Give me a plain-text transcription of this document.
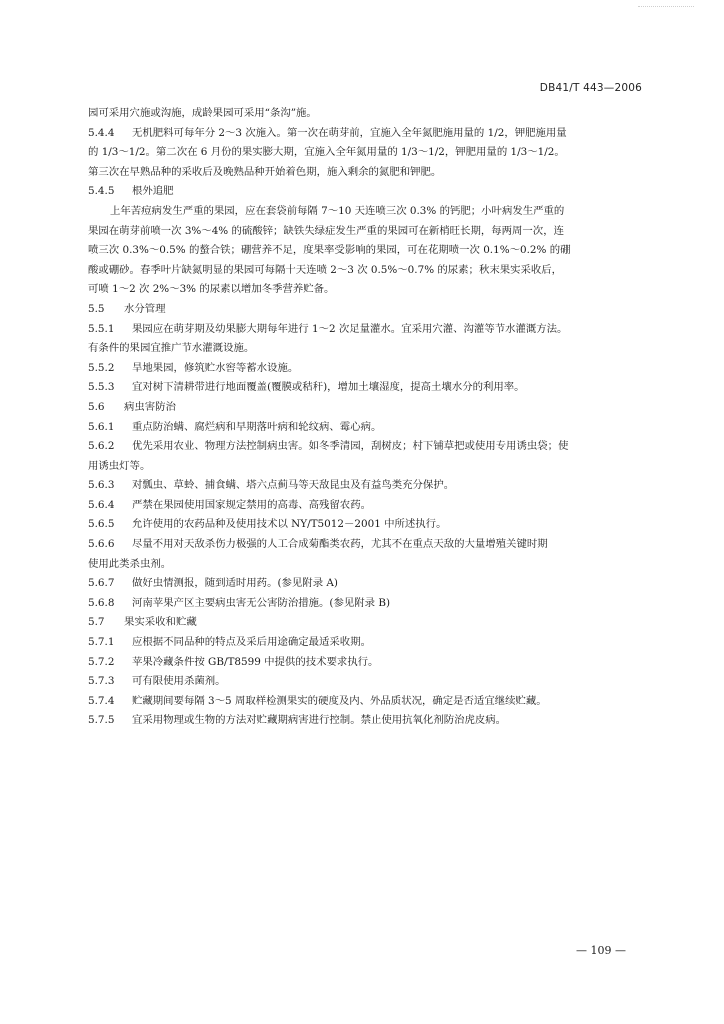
DB41/T 443—2006
园可采用穴施或沟施，成龄果园可采用“条沟”施。
5.4.4 无机肥料可每年分 2～3 次施入。第一次在萌芽前，宜施入全年氮肥施用量的 1/2，钾肥施用量
的 1/3～1/2。第二次在 6 月份的果实膨大期，宜施入全年氮用量的 1/3～1/2，钾肥用量的 1/3～1/2。
第三次在早熟品种的采收后及晚熟品种开始着色期，施入剩余的氮肥和钾肥。
5.4.5 根外追肥
上年苦痘病发生严重的果园，应在套袋前每隔 7～10 天连喷三次 0.3% 的钙肥；小叶病发生严重的
果园在萌芽前喷一次 3%～4% 的硫酸锌；缺铁失绿症发生严重的果园可在新梢旺长期，每两周一次，连
喷三次 0.3%～0.5% 的螯合铁；硼营养不足，度果率受影响的果园，可在花期喷一次 0.1%～0.2% 的硼
酸或硼砂。春季叶片缺氮明显的果园可每隔十天连喷 2～3 次 0.5%～0.7% 的尿素；秋末果实采收后，
可喷 1～2 次 2%～3% 的尿素以增加冬季营养贮备。
5.5 水分管理
5.5.1 果园应在萌芽期及幼果膨大期每年进行 1～2 次足量灌水。宜采用穴灌、沟灌等节水灌溉方法。
有条件的果园宜推广节水灌溉设施。
5.5.2 旱地果园，修筑贮水窖等蓄水设施。
5.5.3 宜对树下清耕带进行地面覆盖(覆膜或秸秆)，增加土壤湿度，提高土壤水分的利用率。
5.6 病虫害防治
5.6.1 重点防治螨、腐烂病和早期落叶病和轮纹病、霉心病。
5.6.2 优先采用农业、物理方法控制病虫害。如冬季清园，刮树皮；村下铺草把或使用专用诱虫袋；使
用诱虫灯等。
5.6.3 对瓢虫、草蛉、捕食螨、塔六点蓟马等天敌昆虫及有益鸟类充分保护。
5.6.4 严禁在果园使用国家规定禁用的高毒、高残留农药。
5.6.5 允许使用的农药品种及使用技术以 NY/T5012－2001 中所述执行。
5.6.6 尽量不用对天敌杀伤力极强的人工合成菊酯类农药，尤其不在重点天敌的大量增殖关键时期
使用此类杀虫剂。
5.6.7 做好虫情测报，随到适时用药。(参见附录 A)
5.6.8 河南苹果产区主要病虫害无公害防治措施。(参见附录 B)
5.7 果实采收和贮藏
5.7.1 应根据不同品种的特点及采后用途确定最适采收期。
5.7.2 苹果冷藏条件按 GB/T8599 中提供的技术要求执行。
5.7.3 可有限使用杀菌剂。
5.7.4 贮藏期间要每隔 3～5 周取样检测果实的硬度及内、外品质状况，确定是否适宜继续贮藏。
5.7.5 宜采用物理或生物的方法对贮藏期病害进行控制。禁止使用抗氧化剂防治虎皮病。
— 109 —
